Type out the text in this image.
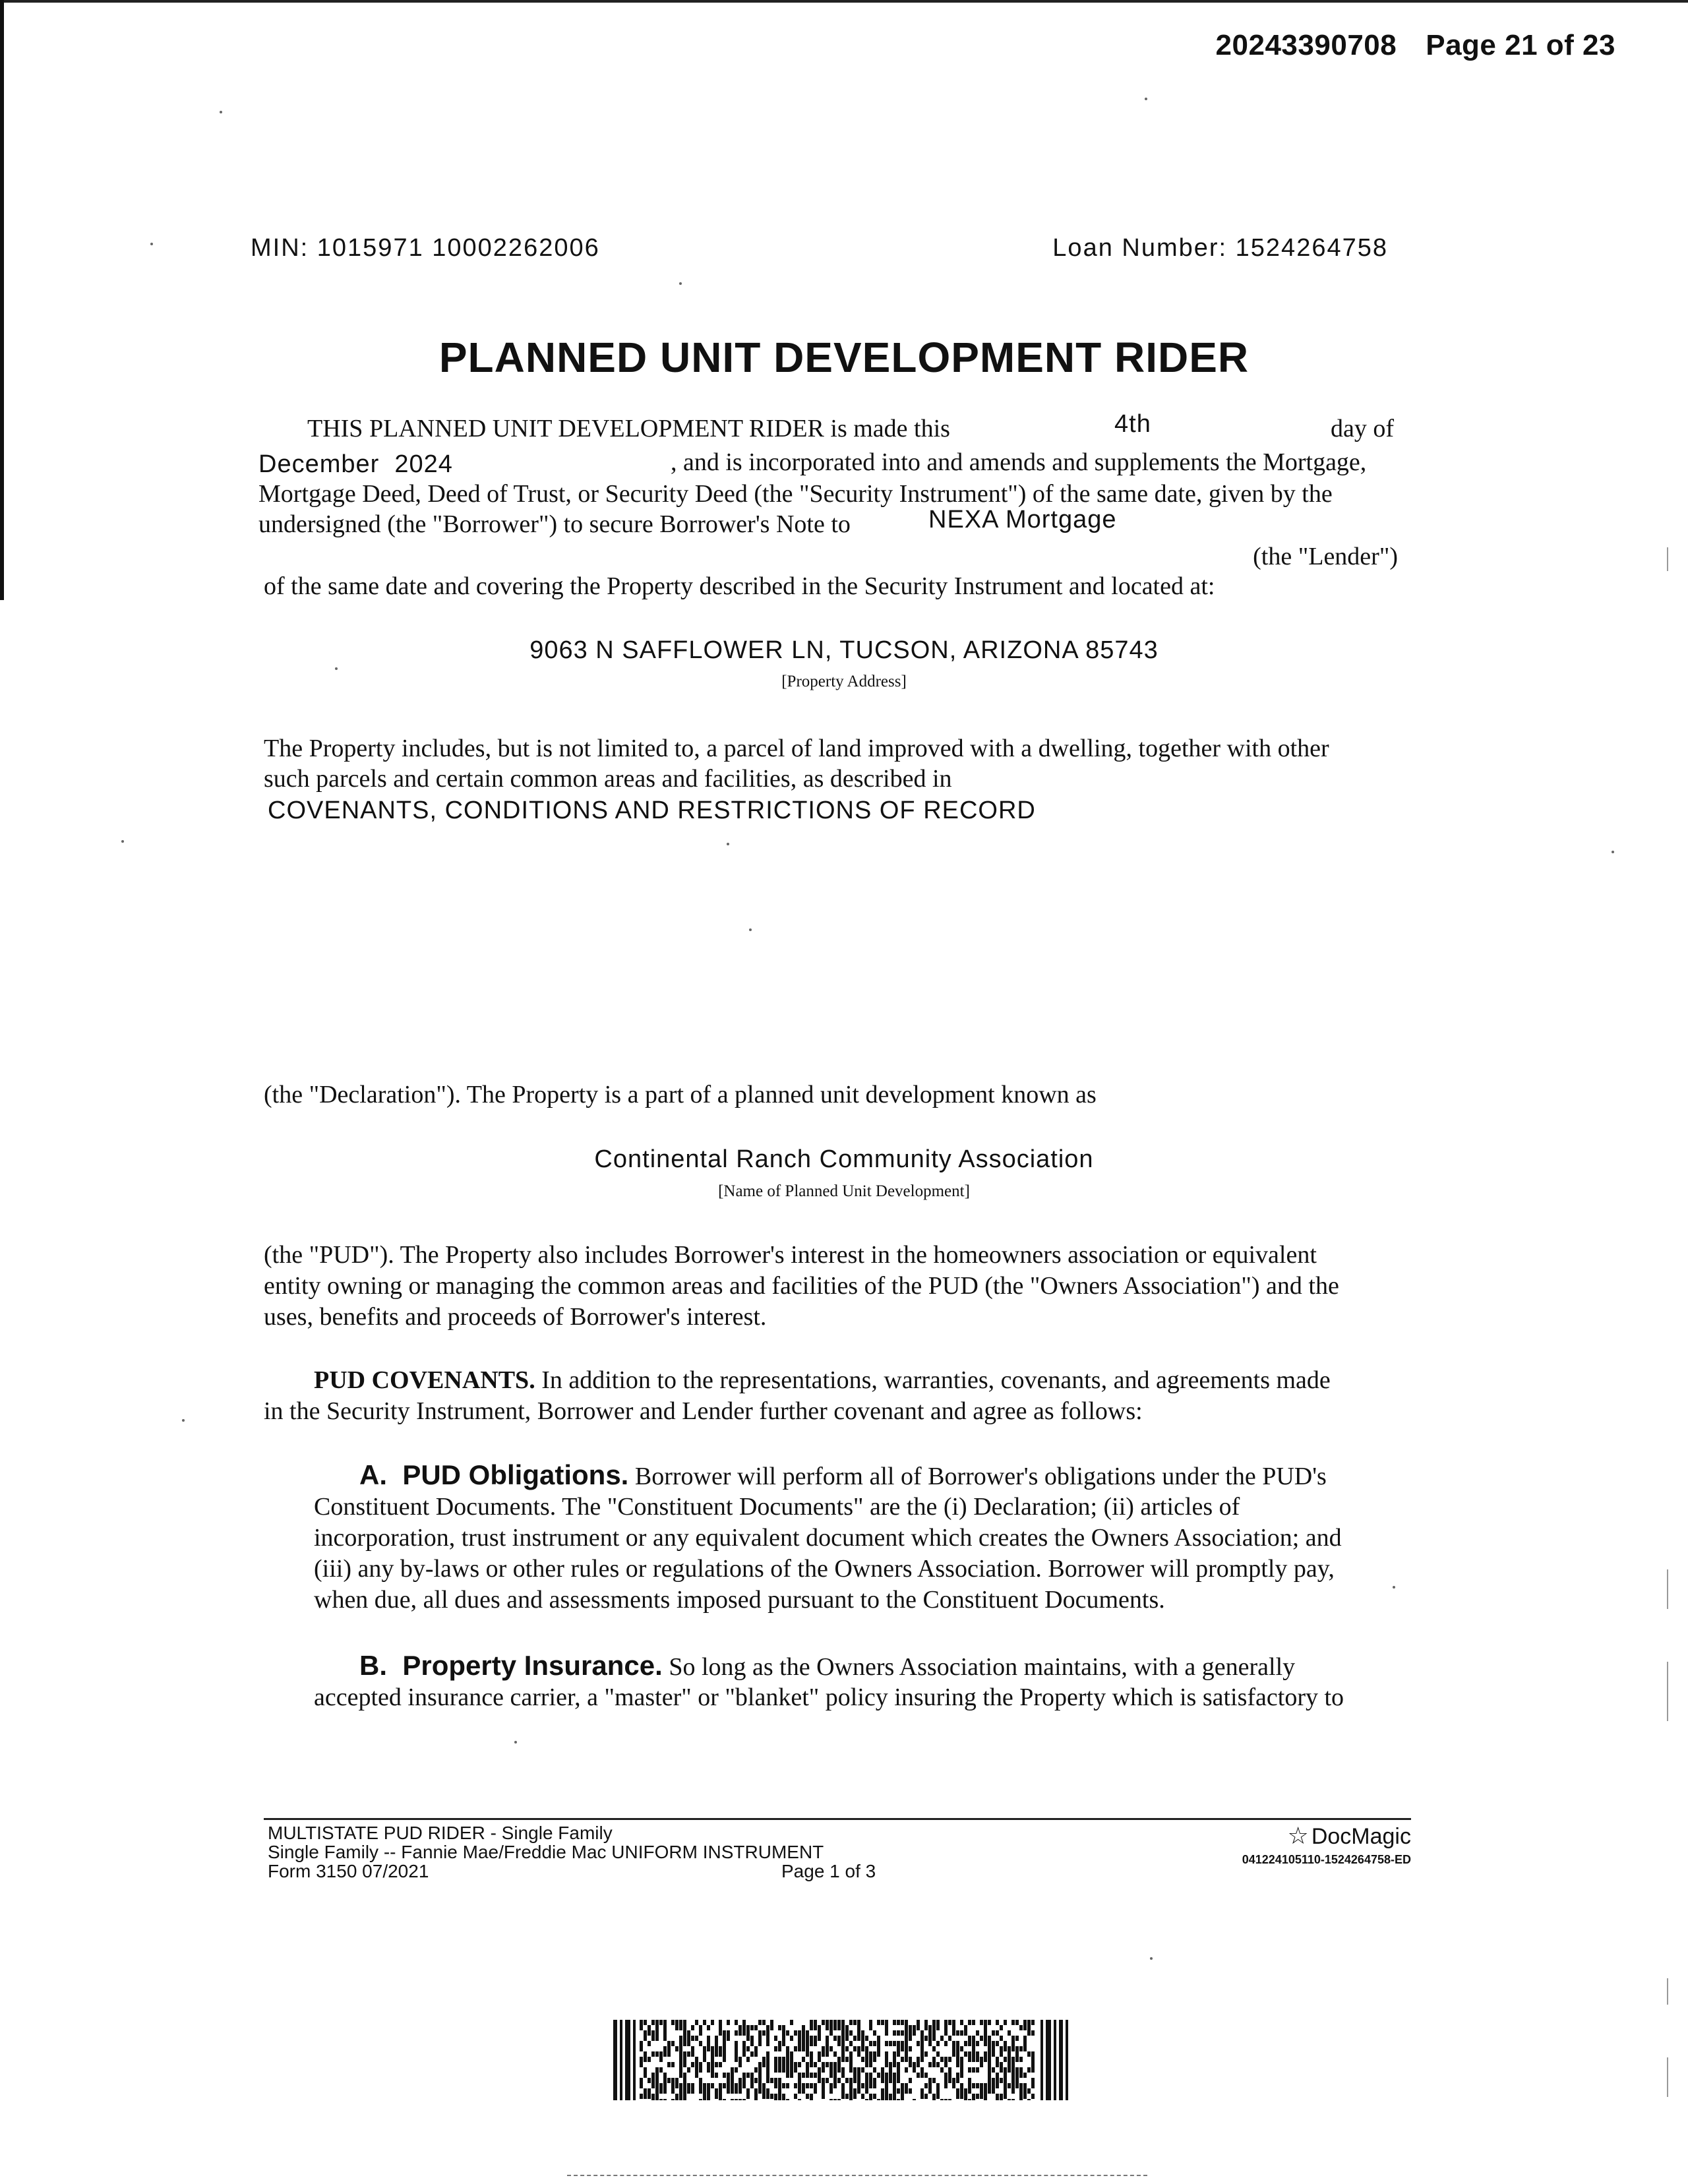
20243390708 Page 21 of 23
MIN: 1015971 10002262006	Loan Number: 1524264758
PLANNED UNIT DEVELOPMENT RIDER
THIS PLANNED UNIT DEVELOPMENT RIDER is made this	4th	day of
December  2024	, and is incorporated into and amends and supplements the Mortgage,
Mortgage Deed, Deed of Trust, or Security Deed (the "Security Instrument") of the same date, given by the
undersigned (the "Borrower") to secure Borrower's Note to	NEXA Mortgage
(the "Lender")
of the same date and covering the Property described in the Security Instrument and located at:
9063 N SAFFLOWER LN, TUCSON, ARIZONA 85743
[Property Address]
The Property includes, but is not limited to, a parcel of land improved with a dwelling, together with other
such parcels and certain common areas and facilities, as described in
COVENANTS, CONDITIONS AND RESTRICTIONS OF RECORD
(the "Declaration"). The Property is a part of a planned unit development known as
Continental Ranch Community Association
[Name of Planned Unit Development]
(the "PUD"). The Property also includes Borrower's interest in the homeowners association or equivalent
entity owning or managing the common areas and facilities of the PUD (the "Owners Association") and the
uses, benefits and proceeds of Borrower's interest.
PUD COVENANTS. In addition to the representations, warranties, covenants, and agreements made
in the Security Instrument, Borrower and Lender further covenant and agree as follows:
A.  PUD Obligations. Borrower will perform all of Borrower's obligations under the PUD's
Constituent Documents. The "Constituent Documents" are the (i) Declaration; (ii) articles of
incorporation, trust instrument or any equivalent document which creates the Owners Association; and
(iii) any by-laws or other rules or regulations of the Owners Association. Borrower will promptly pay,
when due, all dues and assessments imposed pursuant to the Constituent Documents.
B.  Property Insurance. So long as the Owners Association maintains, with a generally
accepted insurance carrier, a "master" or "blanket" policy insuring the Property which is satisfactory to
MULTISTATE PUD RIDER - Single Family
Single Family -- Fannie Mae/Freddie Mac UNIFORM INSTRUMENT
Form 3150 07/2021	Page 1 of 3
☆ DocMagic
041224105110-1524264758-ED
